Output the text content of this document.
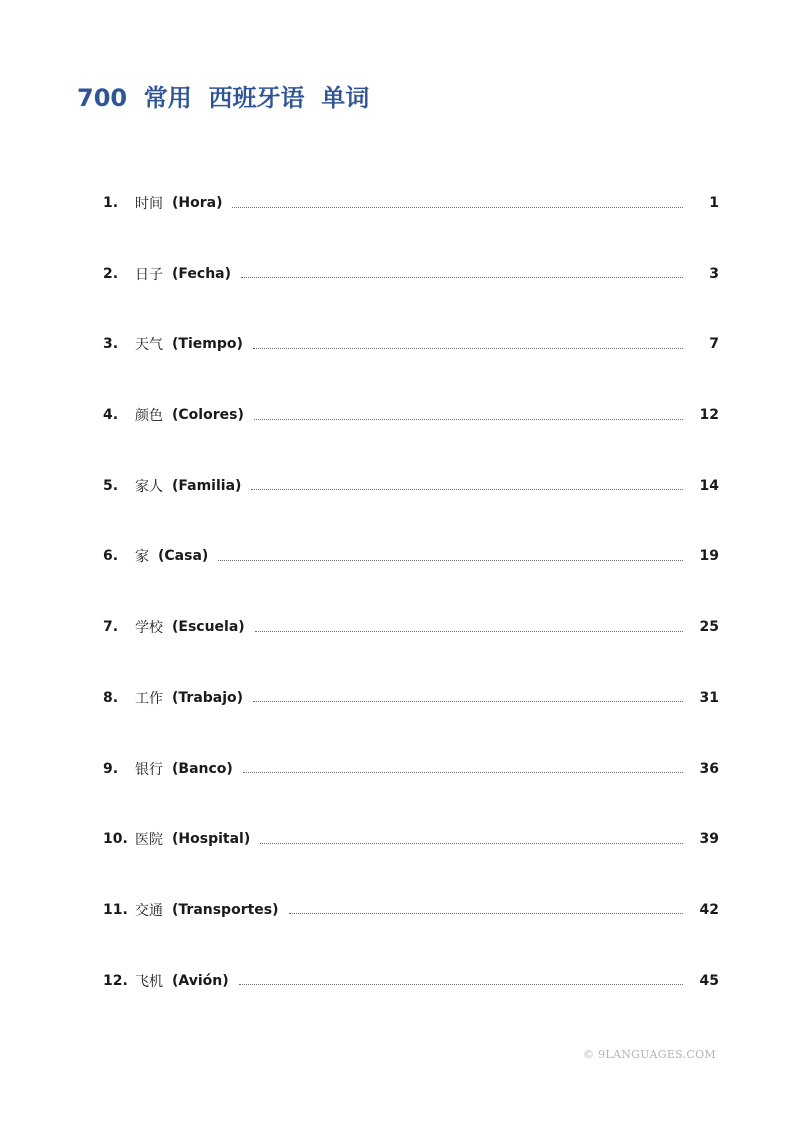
700  常用  西班牙语  单词
1.	时间 (Hora)	1
2.	日子 (Fecha)	3
3.	天气 (Tiempo)	7
4.	颜色 (Colores)	12
5.	家人 (Familia)	14
6.	家 (Casa)	19
7.	学校 (Escuela)	25
8.	工作 (Trabajo)	31
9.	银行 (Banco)	36
10. 医院 (Hospital)	39
11. 交通 (Transportes)	42
12. 飞机 (Avión)	45
© 9LANGUAGES.COM
